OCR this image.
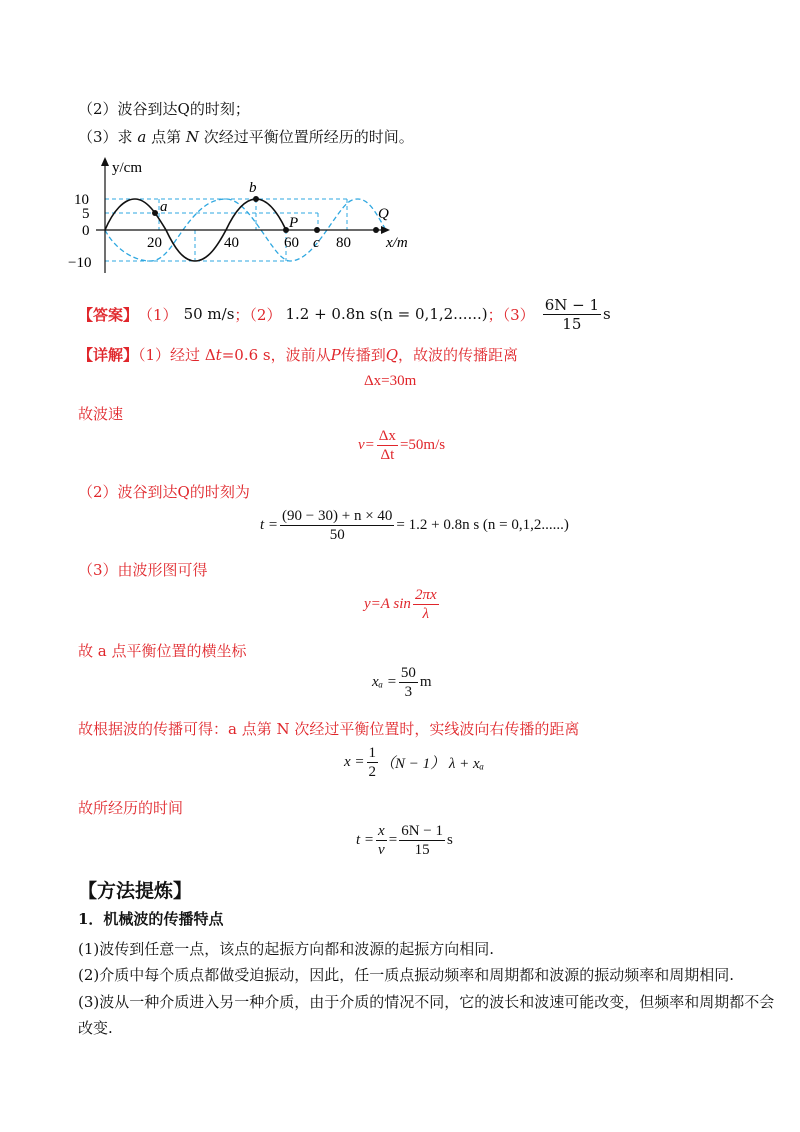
（2）波谷到达Q的时刻；
（3）求 a 点第 N 次经过平衡位置所经历的时间。
y/cm
x/m
10
5
0
−10
20	40	60 80
a
b
P
c
Q
【答案】 （1） 50 m/s ；（2） 1.2 + 0.8n s(n = 0,1,2......) ；$(3) \frac{6N - 1}{15}$ s
【详解】（1）经过 Δt=0.6 s，波前从P传播到Q，故波的传播距离
Δx=30m
故波速
$v= \frac{\Delta x}{\Delta t} =50m/s$
（2）波谷到达Q的时刻为
$t = \frac{(90 - 30) + n \times 40}{50} = 1.2 + 0.8n$ s (n = 0,1,2......)
（3）由波形图可得
y=A $\sin \frac{2\pi x}{\lambda}$
故 a 点平衡位置的横坐标
$x_a = \frac{50}{3}$ m
故根据波的传播可得：a 点第 N 次经过平衡位置时，实线波向右传播的距离
$x = \frac{1}{2} (N - 1) \lambda + x_a$
故所经历的时间
$t = \frac{x}{v} = \frac{6N - 1}{15}$ s
【方法提炼】
1．机械波的传播特点
(1)波传到任意一点，该点的起振方向都和波源的起振方向相同.
(2)介质中每个质点都做受迫振动，因此，任一质点振动频率和周期都和波源的振动频率和周期相同.
(3)波从一种介质进入另一种介质，由于介质的情况不同，它的波长和波速可能改变，但频率和周期都不会
改变.
